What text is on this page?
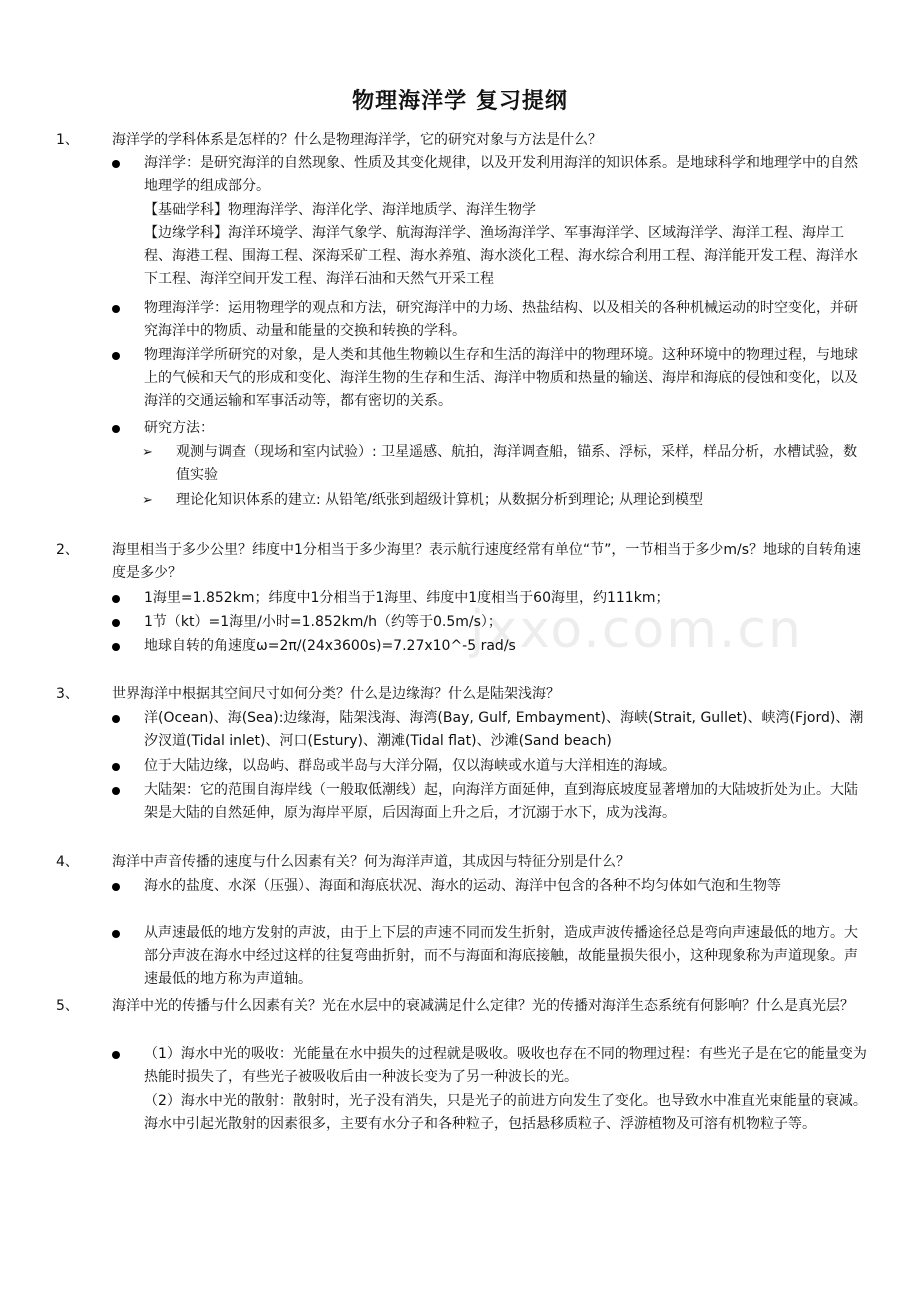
jxxo.com.cn
物理海洋学 复习提纲
1、 海洋学的学科体系是怎样的？什么是物理海洋学，它的研究对象与方法是什么？
海洋学：是研究海洋的自然现象、性质及其变化规律，以及开发利用海洋的知识体系。是地球科学和地理学中的自然地理学的组成部分。
【基础学科】物理海洋学、海洋化学、海洋地质学、海洋生物学
【边缘学科】海洋环境学、海洋气象学、航海海洋学、渔场海洋学、军事海洋学、区域海洋学、海洋工程、海岸工程、海港工程、围海工程、深海采矿工程、海水养殖、海水淡化工程、海水综合利用工程、海洋能开发工程、海洋水下工程、海洋空间开发工程、海洋石油和天然气开采工程
物理海洋学：运用物理学的观点和方法，研究海洋中的力场、热盐结构、以及相关的各种机械运动的时空变化，并研究海洋中的物质、动量和能量的交换和转换的学科。
物理海洋学所研究的对象，是人类和其他生物赖以生存和生活的海洋中的物理环境。这种环境中的物理过程，与地球上的气候和天气的形成和变化、海洋生物的生存和生活、海洋中物质和热量的输送、海岸和海底的侵蚀和变化，以及海洋的交通运输和军事活动等，都有密切的关系。
研究方法：
➢ 观测与调查（现场和室内试验）: 卫星遥感、航拍，海洋调查船，锚系、浮标，采样，样品分析，水槽试验，数值实验
➢ 理论化知识体系的建立: 从铅笔/纸张到超级计算机；从数据分析到理论; 从理论到模型
2、 海里相当于多少公里？纬度中1分相当于多少海里？表示航行速度经常有单位“节”，一节相当于多少m/s？地球的自转角速度是多少？
1海里=1.852km；纬度中1分相当于1海里、纬度中1度相当于60海里，约111km；
1节（kt）=1海里/小时=1.852km/h（约等于0.5m/s）；
地球自转的角速度ω=2π/(24x3600s)=7.27x10^-5 rad/s
3、 世界海洋中根据其空间尺寸如何分类？什么是边缘海？什么是陆架浅海？
洋(Ocean)、海(Sea):边缘海，陆架浅海、海湾(Bay, Gulf, Embayment)、海峡(Strait, Gullet)、峡湾(Fjord)、潮汐汊道(Tidal inlet)、河口(Estury)、潮滩(Tidal flat)、沙滩(Sand beach)
位于大陆边缘，以岛屿、群岛或半岛与大洋分隔，仅以海峡或水道与大洋相连的海域。
大陆架：它的范围自海岸线（一般取低潮线）起，向海洋方面延伸，直到海底坡度显著增加的大陆坡折处为止。大陆架是大陆的自然延伸，原为海岸平原，后因海面上升之后，才沉溺于水下，成为浅海。
4、 海洋中声音传播的速度与什么因素有关？何为海洋声道，其成因与特征分别是什么？
海水的盐度、水深（压强）、海面和海底状况、海水的运动、海洋中包含的各种不均匀体如气泡和生物等
从声速最低的地方发射的声波，由于上下层的声速不同而发生折射，造成声波传播途径总是弯向声速最低的地方。大部分声波在海水中经过这样的往复弯曲折射，而不与海面和海底接触，故能量损失很小，这种现象称为声道现象。声速最低的地方称为声道轴。
5、 海洋中光的传播与什么因素有关？光在水层中的衰减满足什么定律？光的传播对海洋生态系统有何影响？什么是真光层？
（1）海水中光的吸收：光能量在水中损失的过程就是吸收。吸收也存在不同的物理过程：有些光子是在它的能量变为热能时损失了，有些光子被吸收后由一种波长变为了另一种波长的光。
（2）海水中光的散射：散射时，光子没有消失，只是光子的前进方向发生了变化。也导致水中准直光束能量的衰减。海水中引起光散射的因素很多，主要有水分子和各种粒子，包括悬移质粒子、浮游植物及可溶有机物粒子等。
